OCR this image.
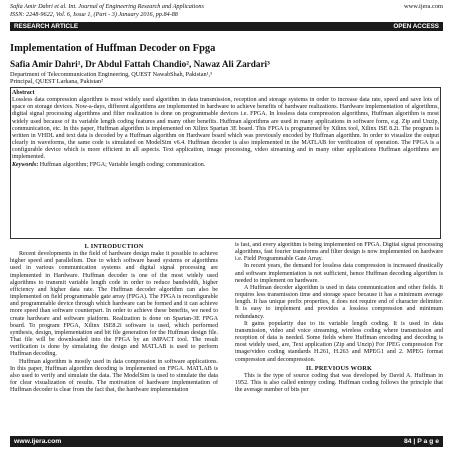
Safia Amir Dahri et al. Int. Journal of Engineering Research and Applications
ISSN: 2248-9622, Vol. 6, Issue 1, (Part - 3) January 2016, pp.84-88
www.ijera.com
RESEARCH ARTICLE	OPEN ACCESS
Implementation of Huffman Decoder on Fpga
Safia Amir Dahri¹, Dr Abdul Fattah Chandio², Nawaz Ali Zardari³
Department of Telecommunication Engineering, QUEST NawabShah, Pakistan¹,³
Principal, QUEST Larkana, Pakistan²
Abstract
Lossless data compression algorithm is most widely used algorithm in data transmission, reception and storage systems in order to increase data rate, speed and save lots of space on storage devices. Now-a-days, different algorithms are implemented in hardware to achieve benefits of hardware realizations. Hardware implementation of algorithms, digital signal processing algorithms and filter realization is done on programmable devices i.e. FPGA. In lossless data compression algorithms, Huffman algorithm is most widely used because of its variable length coding features and many other benefits. Huffman algorithms are used in many applications in software form, e.g. Zip and Unzip, communication, etc. In this paper, Huffman algorithm is implemented on Xilinx Spartan 3E board. This FPGA is programmed by Xilinx tool, Xilinx ISE 8.2i. The program is written in VHDL and text data is decoded by a Huffman algorithm on Hardware board which was previously encoded by Huffman algorithm. In order to visualize the output clearly in waveforms, the same code is simulated on ModelSim v6.4. Huffman decoder is also implemented in the MATLAB for verification of operation. The FPGA is a configurable device which is more efficient in all aspects. Text application, image processing, video streaming and in many other applications Huffman algorithms are implemented.
Keywords: Huffman algorithm; FPGA; Variable length coding; communication.
I. INTRODUCTION

Recent developments in the field of hardware design make it possible to achieve higher speed and parallelism. Due to which software based systems or algorithms used in various communication systems and digital signal processing are implemented in Hardware. Huffman decoder is one of the most widely used algorithms to transmit variable length code in order to reduce bandwidth, higher efficiency and higher data rate. The Huffman decoder algorithm can also be implemented on field programmable gate array (FPGA). The FPGA is reconfigurable and programmable device through which hardware can be formed and it can achieve more speed than software counterpart. In order to achieve these benefits, we need to create hardware and software platform. Realization is done on Spartan-3E FPGA board. To program FPGA, Xilinx ISE8.2i software is used, which performed synthesis, design, implementation and bit file generation for the Huffman design file. That file will be downloaded into the FPGA by an iMPACT tool. The result verification is done by simulating the design and MATLAB is used to perform Huffman decoding.

Huffman algorithm is mostly used in data compression in software applications. In this paper, Huffman algorithm decoding is implemented on FPGA. MATLAB is also used to verify and simulate the data. The ModelSim is used to simulate the data for clear visualization of results. The motivation of hardware implementation of Huffman decoder is clear from the fact that, the hardware implementation

is fast, and every algorithm is being implemented on FPGA. Digital signal processing algorithms, fast fourier transforms and filter design is now implemented on hardware i.e. Field Programmable Gate Array.

In recent years, the demand for lossless data compression is increased drastically and software implementation is not sufficient, hence Huffman decoding algorithm is needed to implement on hardware.

A Huffman decoder algorithm is used in data communication and other fields. It requires less transmission time and storage space because it has a minimum average length. It has unique prefix properties, it does not require end of character delimiter. It is easy to implement and provides a lossless compression and minimum redundancy.

It gains popularity due to its variable length coding. It is used in data transmission, video and voice streaming, wireless coding where transmission and reception of data is needed. Some fields where Huffman encoding and decoding is most widely used, are, Text application (Zip and Unzip) For JPEG compression For image/video coding standards H.261, H.263 and MPEG1 and 2. MPEG format compression and decompression.

II. PREVIOUS WORK

This is the type of source coding that was developed by David A. Huffman in 1952. This is also called entropy coding. Huffman coding follows the principle that the average number of bits per

www.ijera.com	84 | P a g e
